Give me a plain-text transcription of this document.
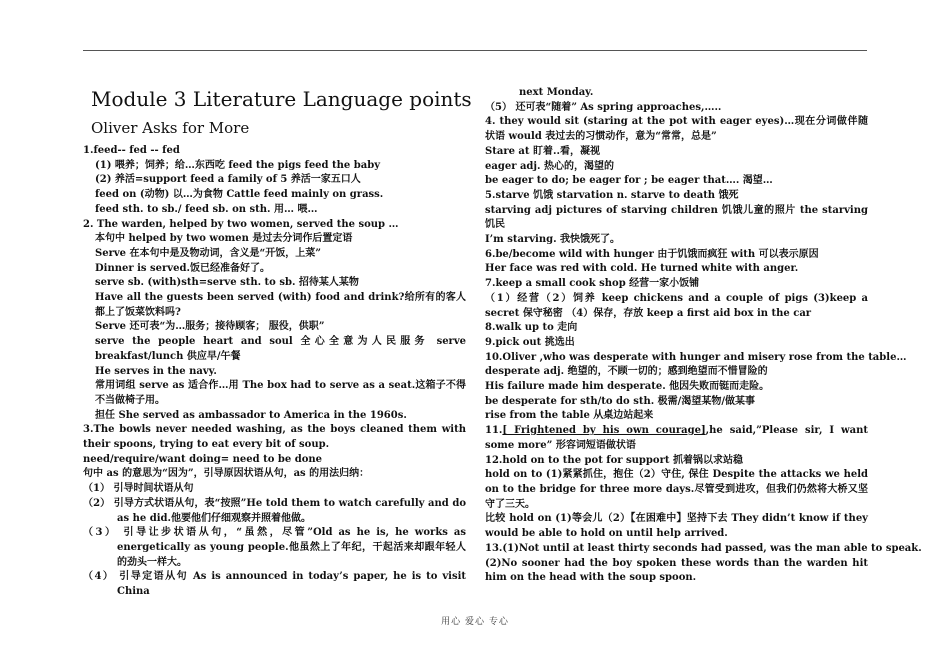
Module 3 Literature Language points
Oliver Asks for More
1.feed-- fed -- fed
(1) 喂养；饲养；给…东西吃 feed the pigs feed the baby
(2) 养活=support feed a family of 5 养活一家五口人
feed on (动物) 以…为食物 Cattle feed mainly on grass.
feed sth. to sb./ feed sb. on sth. 用… 喂…
2. The warden, helped by two women, served the soup …
本句中 helped by two women 是过去分词作后置定语
Serve 在本句中是及物动词，含义是“开饭，上菜”
Dinner is served.饭已经准备好了。
serve sb. (with)sth=serve sth. to sb. 招待某人某物
Have all the guests been served (with) food and drink?给所有的客人都上了饭菜饮料吗?
Serve 还可表“为…服务；接待顾客； 服役，供职”
serve the people heart and soul 全心全意为人民服务 serve breakfast/lunch 供应早/午餐
He serves in the navy.
常用词组 serve as 适合作…用 The box had to serve as a seat.这箱子不得不当做椅子用。
担任 She served as ambassador to America in the 1960s.
3.The bowls never needed washing, as the boys cleaned them with their spoons, trying to eat every bit of soup.
need/require/want doing= need to be done
句中 as 的意思为“因为”，引导原因状语从句，as 的用法归纳：
（1） 引导时间状语从句
（2） 引导方式状语从句，表“按照”He told them to watch carefully and do as he did.他要他们仔细观察并照着他做。
（3） 引导让步状语从句，“虽然，尽管”Old as he is, he works as energetically as young people.他虽然上了年纪，干起活来却跟年轻人的劲头一样大。
（4） 引导定语从句 As is announced in today’s paper, he is to visit China
next Monday.
（5） 还可表“随着” As spring approaches,…..
4. they would sit (staring at the pot with eager eyes)…现在分词做伴随状语 would 表过去的习惯动作，意为“常常，总是”
Stare at 盯着..看，凝视
eager adj. 热心的，渴望的
be eager to do; be eager for ; be eager that…. 渴望…
5.starve 饥饿 starvation n. starve to death 饿死
starving adj pictures of starving children 饥饿儿童的照片 the starving 饥民
I’m starving. 我快饿死了。
6.be/become wild with hunger 由于饥饿而疯狂 with 可以表示原因
Her face was red with cold. He turned white with anger.
7.keep a small cook shop 经营一家小饭铺
（1）经营（2）饲养 keep chickens and a couple of pigs (3)keep a secret 保守秘密 （4）保存，存放 keep a first aid box in the car
8.walk up to 走向
9.pick out 挑选出
10.Oliver ,who was desperate with hunger and misery rose from the table…
desperate adj. 绝望的，不顾一切的；感到绝望而不惜冒险的
His failure made him desperate. 他因失败而铤而走险。
be desperate for sth/to do sth. 极需/渴望某物/做某事
rise from the table 从桌边站起来
11.[ Frightened by his own courage],he said,”Please sir, I want some more” 形容词短语做状语
12.hold on to the pot for support 抓着锅以求站稳
hold on to (1)紧紧抓住，抱住（2）守住, 保住 Despite the attacks we held on to the bridge for three more days.尽管受到进攻，但我们仍然将大桥又坚守了三天。
比较 hold on (1)等会儿（2）【在困难中】坚持下去 They didn’t know if they would be able to hold on until help arrived.
13.(1)Not until at least thirty seconds had passed, was the man able to speak.
(2)No sooner had the boy spoken these words than the warden hit him on the head with the soup spoon.
用心 爱心 专心
